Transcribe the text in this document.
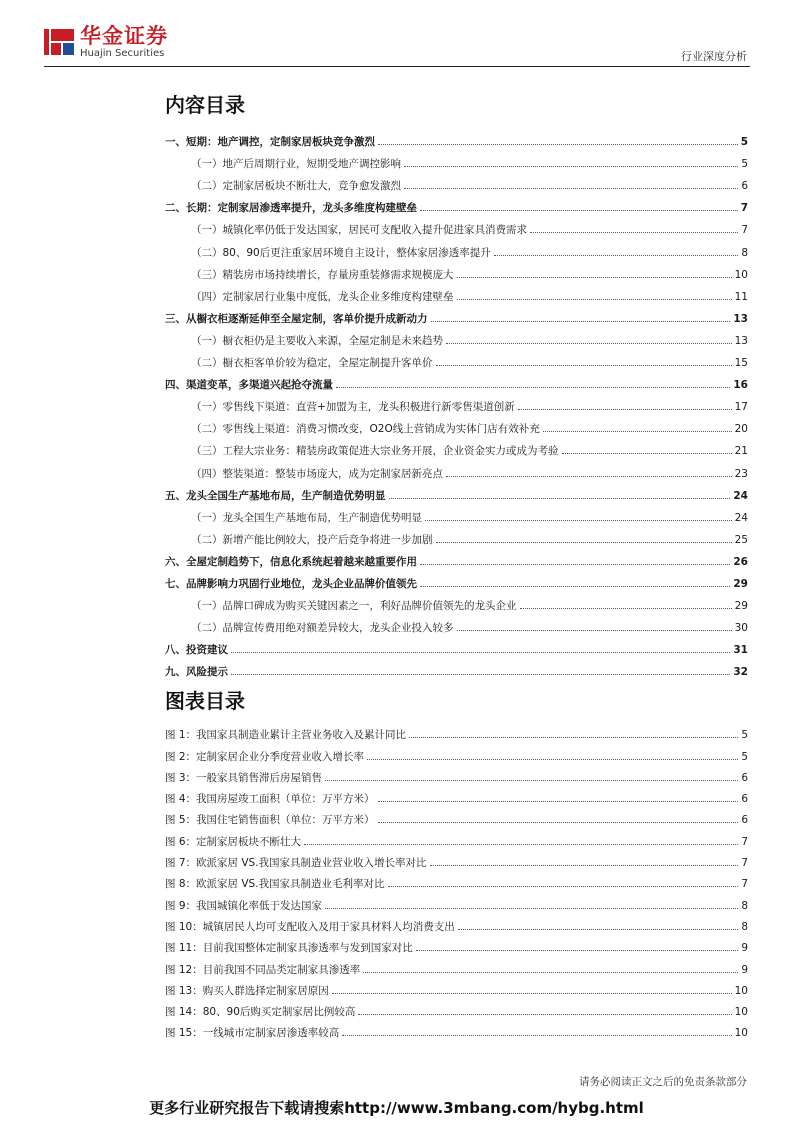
华金证券
Huajin Securities	行业深度分析
内容目录
一、短期：地产调控，定制家居板块竞争激烈	5
（一）地产后周期行业，短期受地产调控影响	5
（二）定制家居板块不断壮大，竞争愈发激烈	6
二、长期：定制家居渗透率提升，龙头多维度构建壁垒	7
（一）城镇化率仍低于发达国家，居民可支配收入提升促进家具消费需求	7
（二）80、90后更注重家居环境自主设计，整体家居渗透率提升	8
（三）精装房市场持续增长，存量房重装修需求规模庞大	10
（四）定制家居行业集中度低，龙头企业多维度构建壁垒	11
三、从橱衣柜逐渐延伸至全屋定制，客单价提升成新动力	13
（一）橱衣柜仍是主要收入来源，全屋定制是未来趋势	13
（二）橱衣柜客单价较为稳定，全屋定制提升客单价	15
四、渠道变革，多渠道兴起抢夺流量	16
（一）零售线下渠道：直营+加盟为主，龙头积极进行新零售渠道创新	17
（二）零售线上渠道：消费习惯改变，O2O线上营销成为实体门店有效补充	20
（三）工程大宗业务：精装房政策促进大宗业务开展，企业资金实力或成为考验	21
（四）整装渠道：整装市场庞大，成为定制家居新亮点	23
五、龙头全国生产基地布局，生产制造优势明显	24
（一）龙头全国生产基地布局，生产制造优势明显	24
（二）新增产能比例较大，投产后竞争将进一步加剧	25
六、全屋定制趋势下，信息化系统起着越来越重要作用	26
七、品牌影响力巩固行业地位，龙头企业品牌价值领先	29
（一）品牌口碑成为购买关键因素之一，利好品牌价值领先的龙头企业	29
（二）品牌宣传费用绝对额差异较大，龙头企业投入较多	30
八、投资建议	31
九、风险提示	32
图表目录
图 1：我国家具制造业累计主营业务收入及累计同比	5
图 2：定制家居企业分季度营业收入增长率	5
图 3：一般家具销售滞后房屋销售	6
图 4：我国房屋竣工面积（单位：万平方米）	6
图 5：我国住宅销售面积（单位：万平方米）	6
图 6：定制家居板块不断壮大	7
图 7：欧派家居 VS.我国家具制造业营业收入增长率对比	7
图 8：欧派家居 VS.我国家具制造业毛利率对比	7
图 9：我国城镇化率低于发达国家	8
图 10：城镇居民人均可支配收入及用于家具材料人均消费支出	8
图 11：目前我国整体定制家具渗透率与发到国家对比	9
图 12：目前我国不同品类定制家具渗透率	9
图 13：购买人群选择定制家居原因	10
图 14：80、90后购买定制家居比例较高	10
图 15：一线城市定制家居渗透率较高	10
请务必阅读正文之后的免责条款部分
更多行业研究报告下载请搜索http://www.3mbang.com/hybg.html
